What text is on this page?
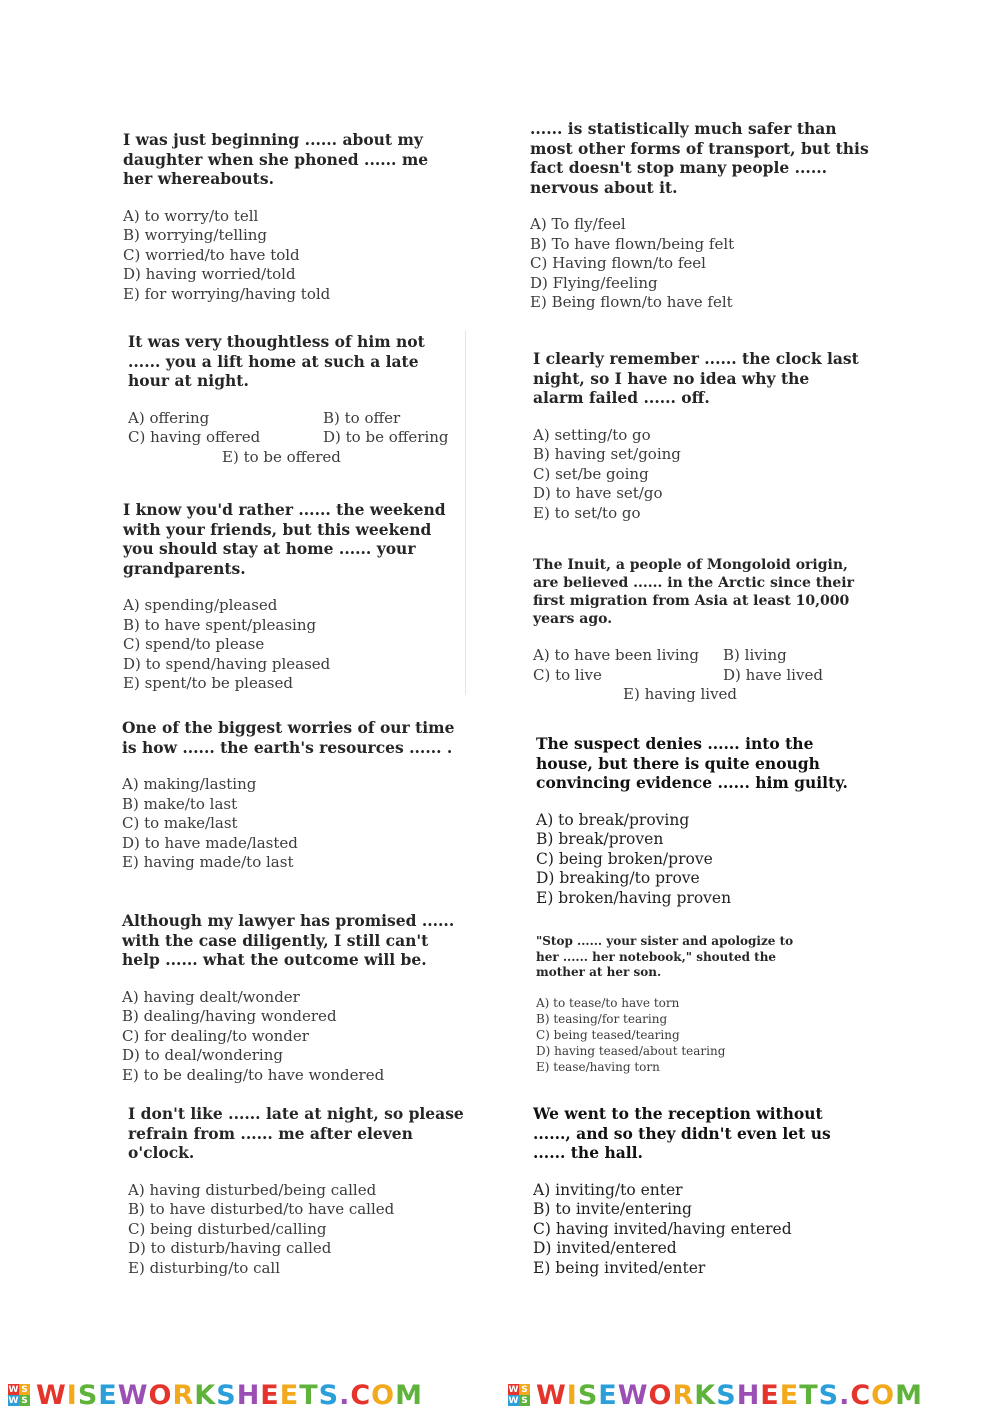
I was just beginning ...... about my daughter when she phoned ...... me her whereabouts.

A) to worry/to tell
B) worrying/telling
C) worried/to have told
D) having worried/told
E) for worrying/having told

It was very thoughtless of him not ...... you a lift home at such a late hour at night.

A) offering	B) to offer
C) having offered	D) to be offering
E) to be offered

I know you'd rather ...... the weekend with your friends, but this weekend you should stay at home ...... your grandparents.

A) spending/pleased
B) to have spent/pleasing
C) spend/to please
D) to spend/having pleased
E) spent/to be pleased

One of the biggest worries of our time is how ...... the earth's resources ...... .

A) making/lasting
B) make/to last
C) to make/last
D) to have made/lasted
E) having made/to last

Although my lawyer has promised ...... with the case diligently, I still can't help ...... what the outcome will be.

A) having dealt/wonder
B) dealing/having wondered
C) for dealing/to wonder
D) to deal/wondering
E) to be dealing/to have wondered

I don't like ...... late at night, so please refrain from ...... me after eleven o'clock.

A) having disturbed/being called
B) to have disturbed/to have called
C) being disturbed/calling
D) to disturb/having called
E) disturbing/to call

...... is statistically much safer than most other forms of transport, but this fact doesn't stop many people ...... nervous about it.

A) To fly/feel
B) To have flown/being felt
C) Having flown/to feel
D) Flying/feeling
E) Being flown/to have felt

I clearly remember ...... the clock last night, so I have no idea why the alarm failed ...... off.

A) setting/to go
B) having set/going
C) set/be going
D) to have set/go
E) to set/to go

The Inuit, a people of Mongoloid origin, are believed ...... in the Arctic since their first migration from Asia at least 10,000 years ago.

A) to have been living	B) living
C) to live	D) have lived
E) having lived

The suspect denies ...... into the house, but there is quite enough convincing evidence ...... him guilty.

A) to break/proving
B) break/proven
C) being broken/prove
D) breaking/to prove
E) broken/having proven

"Stop ...... your sister and apologize to her ...... her notebook," shouted the mother at her son.

A) to tease/to have torn
B) teasing/for tearing
C) being teased/tearing
D) having teased/about tearing
E) tease/having torn

We went to the reception without ......, and so they didn't even let us ...... the hall.

A) inviting/to enter
B) to invite/entering
C) having invited/having entered
D) invited/entered
E) being invited/enter
W S
W S WISEWORKSHEETS.COM	W S
W S WISEWORKSHEETS.COM
